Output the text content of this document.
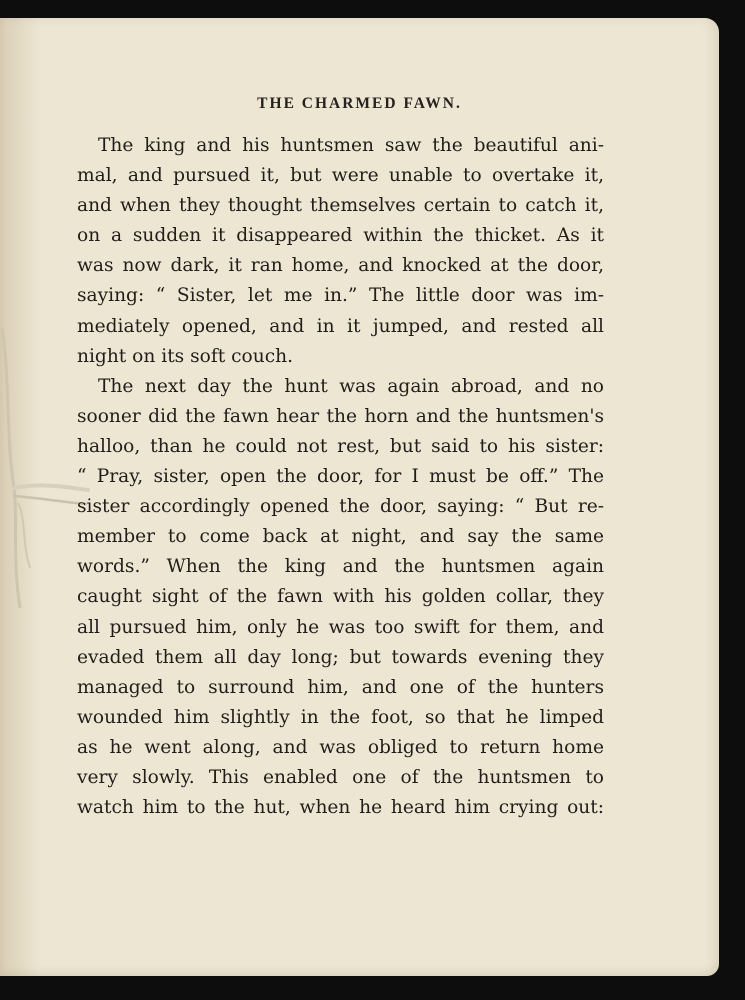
THE CHARMED FAWN.

The king and his huntsmen saw the beautiful ani-
mal, and pursued it, but were unable to overtake it,
and when they thought themselves certain to catch it,
on a sudden it disappeared within the thicket. As it
was now dark, it ran home, and knocked at the door,
saying: “ Sister, let me in.” The little door was im-
mediately opened, and in it jumped, and rested all
night on its soft couch.

The next day the hunt was again abroad, and no
sooner did the fawn hear the horn and the huntsmen's
halloo, than he could not rest, but said to his sister:
“ Pray, sister, open the door, for I must be off.” The
sister accordingly opened the door, saying: “ But re-
member to come back at night, and say the same
words.” When the king and the huntsmen again
caught sight of the fawn with his golden collar, they
all pursued him, only he was too swift for them, and
evaded them all day long; but towards evening they
managed to surround him, and one of the hunters
wounded him slightly in the foot, so that he limped
as he went along, and was obliged to return home
very slowly. This enabled one of the huntsmen to
watch him to the hut, when he heard him crying out:
